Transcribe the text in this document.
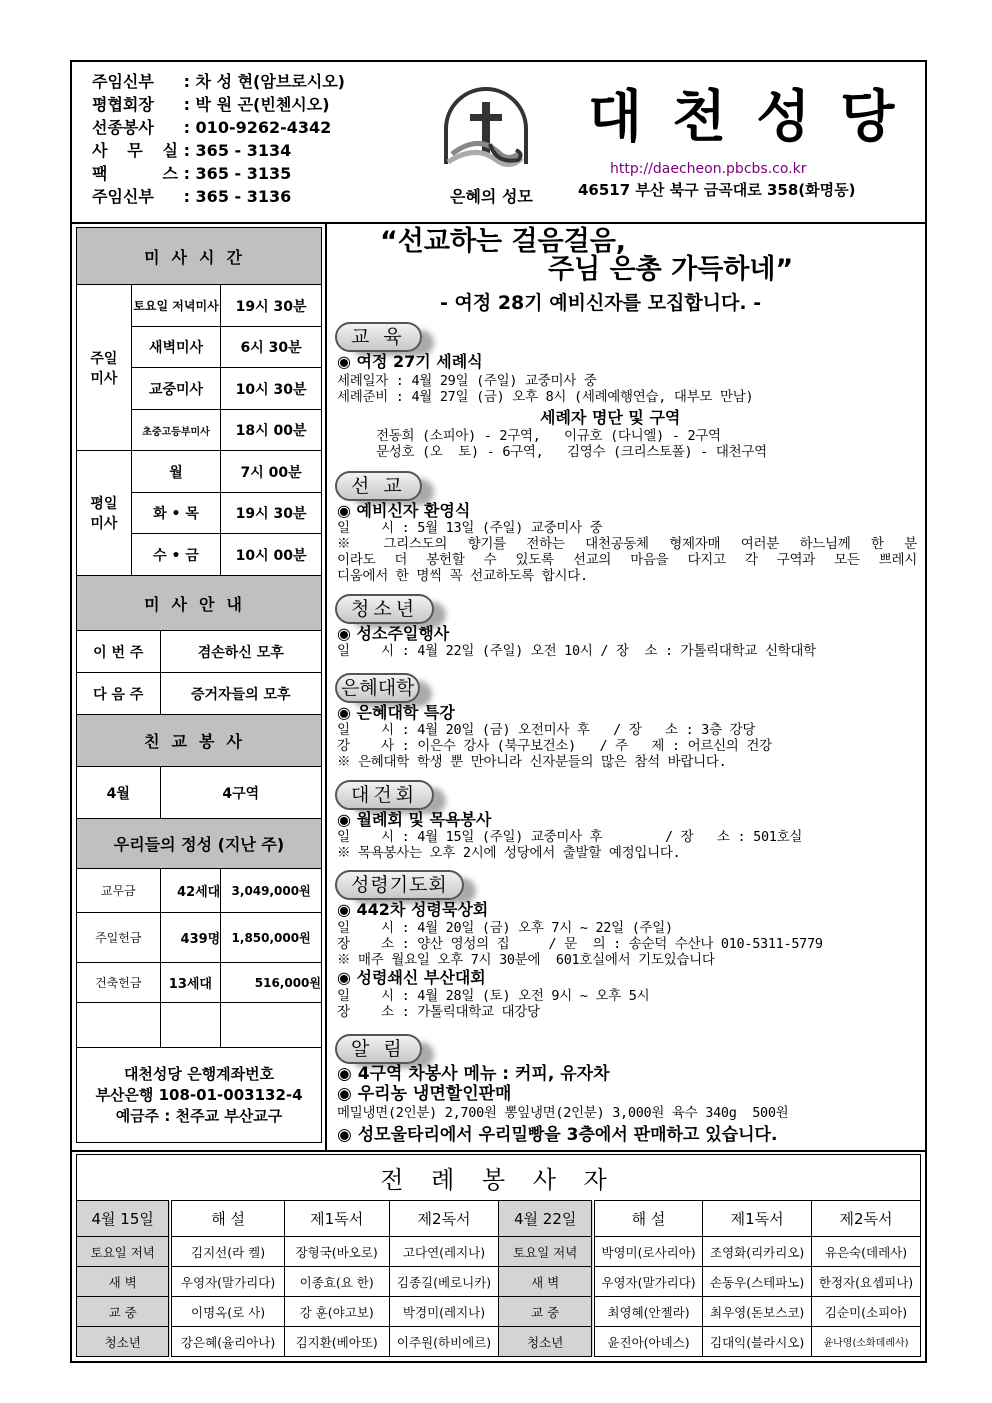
주임신부 : 차 성 현(암브로시오)
평협회장 : 박 원 곤(빈첸시오)
선종봉사 : 010-9262-4342
사 무 실 : 365 - 3134
팩 스 : 365 - 3135
주임신부 : 365 - 3136	은혜의 성모
대천성당
http://daecheon.pbcbs.co.kr
46517 부산 북구 금곡대로 358(화명동)
미사시간			
주일 미사	토요일 저녁미사		19시 30분
	새벽미사		6시 30분
	교중미사		10시 30분
	초중고등부미사		18시 00분
평일 미사	월		7시 00분
	화 • 목		19시 30분
	수 • 금		10시 00분
미사안내			
이 번 주		겸손하신 모후	
다 음 주		증거자들의 모후	
친교봉사			
4월		4구역	
우리들의 정성 (지난 주)			
교무금		42세대	3,049,000원
주일헌금		439명	1,850,000원
건축헌금		13세대	516,000원

대천성당 은행계좌번호
부산은행 108-01-003132-4
예금주 : 천주교 부산교구			
“선교하는 걸음걸음,
주님 은총 가득하네”
- 여정 28기 예비신자를 모집합니다. -
교 육
◉ 여정 27기 세례식
세례일자 : 4월 29일 (주일) 교중미사 중
세례준비 : 4월 27일 (금) 오후 8시 (세례예행연습, 대부모 만남)
세례자 명단 및 구역
전동희 (소피아) - 2구역,   이규호 (다니엘) - 2구역
문성호 (오  토) - 6구역,   김영수 (크리스토폴) - 대천구역
선 교
◉ 예비신자 환영식
일    시 : 5월 13일 (주일) 교중미사 중
※ 그리스도의 향기를 전하는 대천공동체 형제자매 여러분 하느님께 한 분
이라도 더 봉헌할 수 있도록 선교의 마음을 다지고 각 구역과 모든 쁘레시
디움에서 한 명씩 꼭 선교하도록 합시다.
청소년
◉ 성소주일행사
일    시 : 4월 22일 (주일) 오전 10시 / 장  소 : 가톨릭대학교 신학대학
은혜대학
◉ 은혜대학 특강
일    시 : 4월 20일 (금) 오전미사 후   / 장   소 : 3층 강당
강    사 : 이은수 강사 (북구보건소)   / 주   제 : 어르신의 건강
※ 은혜대학 학생 뿐 만아니라 신자분들의 많은 참석 바랍니다.
대건회
◉ 월례회 및 목욕봉사
일    시 : 4월 15일 (주일) 교중미사 후        / 장   소 : 501호실
※ 목욕봉사는 오후 2시에 성당에서 출발할 예정입니다.
성령기도회
◉ 442차 성령묵상회
일    시 : 4월 20일 (금) 오후 7시 ~ 22일 (주일)
장    소 : 양산 영성의 집     / 문  의 : 송순덕 수산나 010-5311-5779
※ 매주 월요일 오후 7시 30분에  601호실에서 기도있습니다
◉ 성령쇄신 부산대회
일    시 : 4월 28일 (토) 오전 9시 ~ 오후 5시
장    소 : 가톨릭대학교 대강당
알 림
◉ 4구역 차봉사 메뉴 : 커피, 유자차
◉ 우리농 냉면할인판매
메밀냉면(2인분) 2,700원 뽕잎냉면(2인분) 3,000원 육수 340g  500원
◉ 성모울타리에서 우리밀빵을 3층에서 판매하고 있습니다.
전 례 봉 사 자							
4월 15일	해 설	제1독서	제2독서	4월 22일	해 설	제1독서	제2독서
토요일 저녁	김지선(라 켈)	장형국(바오로)	고다연(레지나)	토요일 저녁	박영미(로사리아)	조영화(리카리오)	유은숙(데레사)
새 벽	우영자(말가리다)	이종효(요 한)	김종길(베로니카)	새 벽	우영자(말가리다)	손동우(스테파노)	한정자(요셉피나)
교 중	이명옥(로 사)	강 훈(야고보)	박경미(레지나)	교 중	최영혜(안젤라)	최우영(돈보스코)	김순미(소피아)
청소년	강은혜(율리아나)	김지환(베아또)	이주원(하비에르)	청소년	윤진아(아녜스)	김대익(블라시오)	윤나영(소화데레사)
